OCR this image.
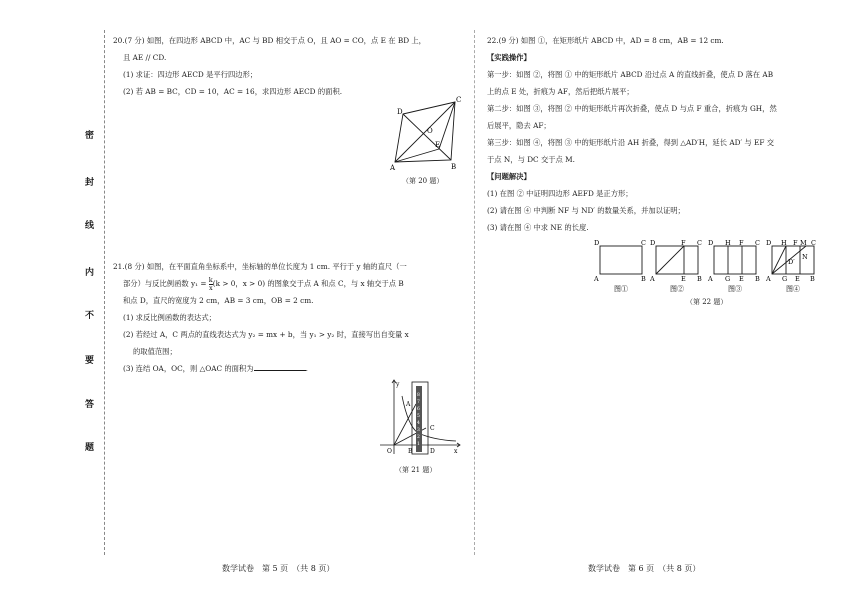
密
封
线
内
不
要
答
题

20.(7 分) 如图，在四边形 ABCD 中，AC 与 BD 相交于点 O，且 AO = CO，点 E 在 BD 上，

且 AE // CD.

(1) 求证：四边形 AECD 是平行四边形；

(2) 若 AB = BC，CD = 10，AC = 16，求四边形 AECD 的面积.

D
C
O
E
A	B
（第 20 题）

21.(8 分) 如图，在平面直角坐标系中，坐标轴的单位长度为 1 cm. 平行于 y 轴的直尺（一

部分）与反比例函数 $y_1 = \frac{k}{x} (k > 0$，x > 0) 的图象交于点 A 和点 C，与 x 轴交于点 B

和点 D，直尺的宽度为 2 cm，AB = 3 cm，OB = 2 cm.

(1) 求反比例函数的表达式；

(2) 若经过 A，C 两点的直线表达式为 y₂ = mx + b，当 y₁ > y₂ 时，直接写出自变量 x

的取值范围；

(3) 连结 OA，OC，则 △OAC 的面积为	.

8
7
6
5
4
3
2
1
y
x
O	B	D
A
C
（第 21 题）
数学试卷　第 5 页　（共 8 页）

22.(9 分) 如图 ①，在矩形纸片 ABCD 中，AD = 8 cm，AB = 12 cm.

【实践操作】

第一步：如图 ②，将图 ① 中的矩形纸片 ABCD 沿过点 A 的直线折叠，使点 D 落在 AB

上的点 E 处，折痕为 AF，然后把纸片展平；

第二步：如图 ③，将图 ② 中的矩形纸片再次折叠，使点 D 与点 F 重合，折痕为 GH，然

后展平，隐去 AF；

第三步：如图 ④，将图 ③ 中的矩形纸片沿 AH 折叠，得到 △AD′H，延长 AD′ 与 EF 交

于点 N，与 DC 交于点 M.

【问题解决】

(1) 在图 ② 中证明四边形 AEFD 是正方形；

(2) 请在图 ④ 中判断 NF 与 ND′ 的数量关系，并加以证明；

(3) 请在图 ④ 中求 NE 的长度.

D	C
A	B
D	F C
A	E B
D H F C
A G E B
D H F M C
A G E B
N
D′
图①	图②	图③	图④
（第 22 题）
数学试卷　第 6 页　（共 8 页）
